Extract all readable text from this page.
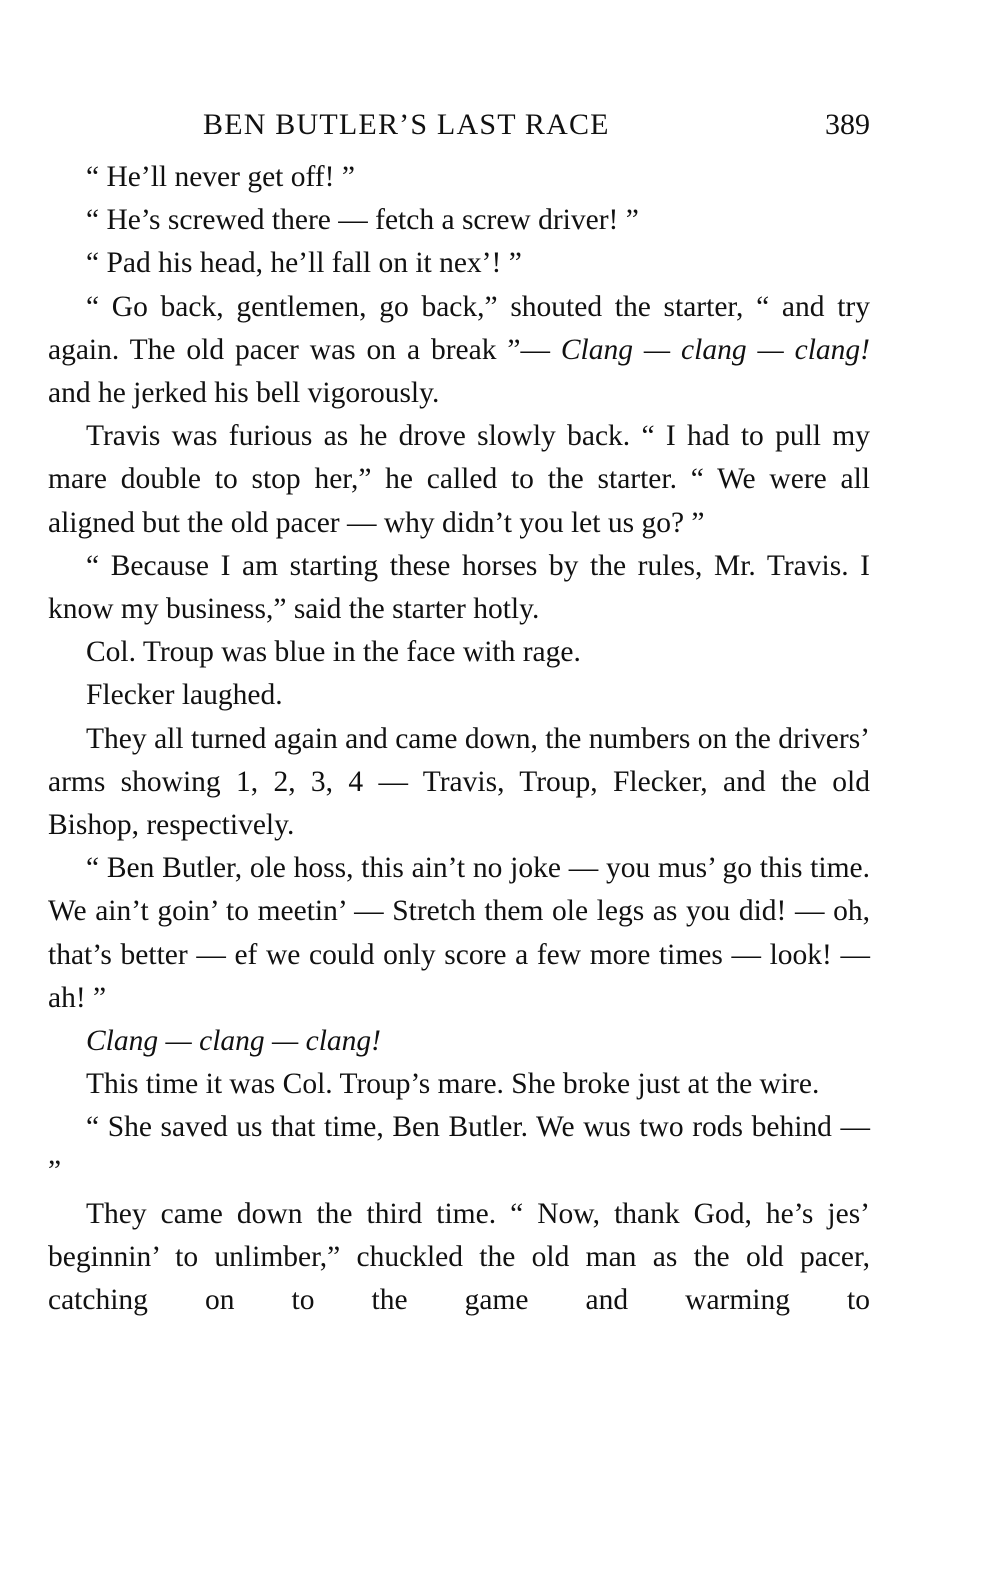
BEN BUTLER’S LAST RACE	389

“ He’ll never get off! ”

“ He’s screwed there — fetch a screw driver! ”

“ Pad his head, he’ll fall on it nex’! ”

“ Go back, gentlemen, go back,” shouted the starter, “ and try again. The old pacer was on a break ”— Clang — clang — clang! and he jerked his bell vigorously.

Travis was furious as he drove slowly back. “ I had to pull my mare double to stop her,” he called to the starter. “ We were all aligned but the old pacer — why didn’t you let us go? ”

“ Because I am starting these horses by the rules, Mr. Travis. I know my business,” said the starter hotly.

Col. Troup was blue in the face with rage.

Flecker laughed.

They all turned again and came down, the numbers on the drivers’ arms showing 1, 2, 3, 4 — Travis, Troup, Flecker, and the old Bishop, respectively.

“ Ben Butler, ole hoss, this ain’t no joke — you mus’ go this time. We ain’t goin’ to meetin’ — Stretch them ole legs as you did! — oh, that’s better — ef we could only score a few more times — look! — ah! ”

Clang — clang — clang!

This time it was Col. Troup’s mare. She broke just at the wire.

“ She saved us that time, Ben Butler. We wus two rods behind — ”

They came down the third time. “ Now, thank God, he’s jes’ beginnin’ to unlimber,” chuckled the old man as the old pacer, catching on to the game and warming to
